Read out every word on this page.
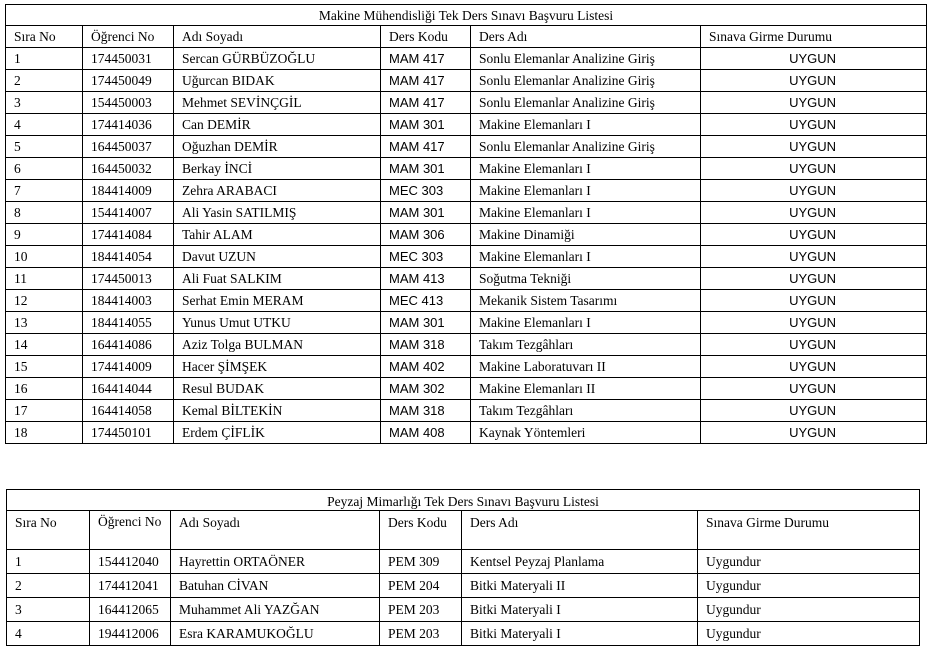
Makine Mühendisliği Tek Ders Sınavı Başvuru Listesi					
Sıra No	Öğrenci No	Adı Soyadı	Ders Kodu	Ders Adı	Sınava Girme Durumu
1	174450031	Sercan GÜRBÜZOĞLU	MAM 417	Sonlu Elemanlar Analizine Giriş	UYGUN
2	174450049	Uğurcan BIDAK	MAM 417	Sonlu Elemanlar Analizine Giriş	UYGUN
3	154450003	Mehmet SEVİNÇGİL	MAM 417	Sonlu Elemanlar Analizine Giriş	UYGUN
4	174414036	Can DEMİR	MAM 301	Makine Elemanları I	UYGUN
5	164450037	Oğuzhan DEMİR	MAM 417	Sonlu Elemanlar Analizine Giriş	UYGUN
6	164450032	Berkay İNCİ	MAM 301	Makine Elemanları I	UYGUN
7	184414009	Zehra ARABACI	MEC 303	Makine Elemanları I	UYGUN
8	154414007	Ali Yasin SATILMIŞ	MAM 301	Makine Elemanları I	UYGUN
9	174414084	Tahir ALAM	MAM 306	Makine Dinamiği	UYGUN
10	184414054	Davut UZUN	MEC 303	Makine Elemanları I	UYGUN
11	174450013	Ali Fuat SALKIM	MAM 413	Soğutma Tekniği	UYGUN
12	184414003	Serhat Emin MERAM	MEC 413	Mekanik Sistem Tasarımı	UYGUN
13	184414055	Yunus Umut UTKU	MAM 301	Makine Elemanları I	UYGUN
14	164414086	Aziz Tolga BULMAN	MAM 318	Takım Tezgâhları	UYGUN
15	174414009	Hacer ŞİMŞEK	MAM 402	Makine Laboratuvarı II	UYGUN
16	164414044	Resul BUDAK	MAM 302	Makine Elemanları II	UYGUN
17	164414058	Kemal BİLTEKİN	MAM 318	Takım Tezgâhları	UYGUN
18	174450101	Erdem ÇİFLİK	MAM 408	Kaynak Yöntemleri	UYGUN
Peyzaj Mimarlığı Tek Ders Sınavı Başvuru Listesi					
Sıra No	Öğrenci No	Adı Soyadı	Ders Kodu	Ders Adı	Sınava Girme Durumu
1	154412040	Hayrettin ORTAÖNER	PEM 309	Kentsel Peyzaj Planlama	Uygundur
2	174412041	Batuhan CİVAN	PEM 204	Bitki Materyali II	Uygundur
3	164412065	Muhammet Ali YAZĞAN	PEM 203	Bitki Materyali I	Uygundur
4	194412006	Esra KARAMUKOĞLU	PEM 203	Bitki Materyali I	Uygundur
